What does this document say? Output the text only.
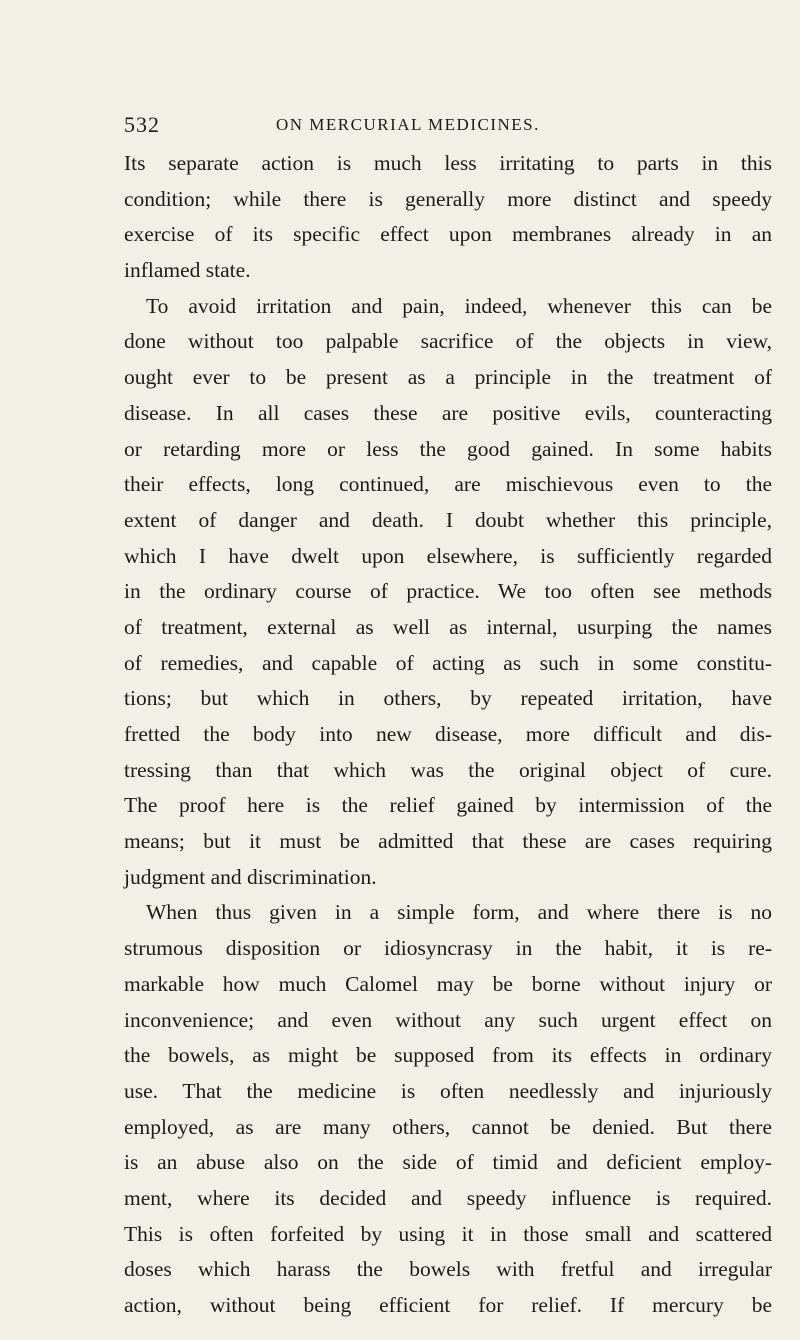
532	ON MERCURIAL MEDICINES.
Its separate action is much less irritating to parts in this
condition; while there is generally more distinct and speedy
exercise of its specific effect upon membranes already in an
inflamed state.
To avoid irritation and pain, indeed, whenever this can be
done without too palpable sacrifice of the objects in view,
ought ever to be present as a principle in the treatment of
disease. In all cases these are positive evils, counteracting
or retarding more or less the good gained. In some habits
their effects, long continued, are mischievous even to the
extent of danger and death. I doubt whether this principle,
which I have dwelt upon elsewhere, is sufficiently regarded
in the ordinary course of practice. We too often see methods
of treatment, external as well as internal, usurping the names
of remedies, and capable of acting as such in some constitu-
tions; but which in others, by repeated irritation, have
fretted the body into new disease, more difficult and dis-
tressing than that which was the original object of cure.
The proof here is the relief gained by intermission of the
means; but it must be admitted that these are cases requiring
judgment and discrimination.
When thus given in a simple form, and where there is no
strumous disposition or idiosyncrasy in the habit, it is re-
markable how much Calomel may be borne without injury or
inconvenience; and even without any such urgent effect on
the bowels, as might be supposed from its effects in ordinary
use. That the medicine is often needlessly and injuriously
employed, as are many others, cannot be denied. But there
is an abuse also on the side of timid and deficient employ-
ment, where its decided and speedy influence is required.
This is often forfeited by using it in those small and scattered
doses which harass the bowels with fretful and irregular
action, without being efficient for relief. If mercury be
